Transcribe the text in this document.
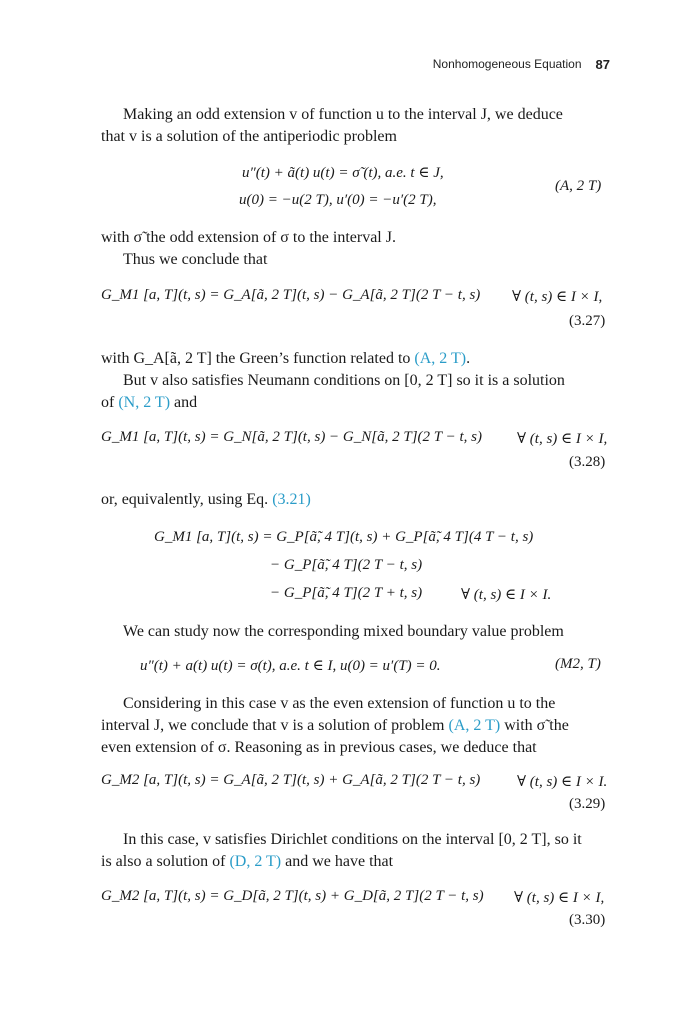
Nonhomogeneous Equation 87
Making an odd extension v of function u to the interval J, we deduce
that v is a solution of the antiperiodic problem
u″(t) + ã(t) u(t) = σ̃ (t), a.e. t ∈ J,
u(0) = −u(2 T), u′(0) = −u′(2 T),
(A, 2 T)
with σ̃ the odd extension of σ to the interval J.
Thus we conclude that
G_M1 [a, T](t, s) = G_A[ã, 2 T](t, s) − G_A[ã, 2 T](2 T − t, s) ∀ (t, s) ∈ I × I,
(3.27)
with G_A[ã, 2 T] the Green’s function related to (A, 2 T).
But v also satisfies Neumann conditions on [0, 2 T] so it is a solution
of (N, 2 T) and
G_M1 [a, T](t, s) = G_N[ã, 2 T](t, s) − G_N[ã, 2 T](2 T − t, s) ∀ (t, s) ∈ I × I,
(3.28)
or, equivalently, using Eq. (3.21)
G_M1 [a, T](t, s) = G_P[ã̃, 4 T](t, s) + G_P[ã̃, 4 T](4 T − t, s)
− G_P[ã̃, 4 T](2 T − t, s)
− G_P[ã̃, 4 T](2 T + t, s)	∀ (t, s) ∈ I × I.
We can study now the corresponding mixed boundary value problem
u″(t) + a(t) u(t) = σ(t), a.e. t ∈ I, u(0) = u′(T) = 0.	(M2, T)
Considering in this case v as the even extension of function u to the
interval J, we conclude that v is a solution of problem (A, 2 T) with σ̃ the
even extension of σ. Reasoning as in previous cases, we deduce that
G_M2 [a, T](t, s) = G_A[ã, 2 T](t, s) + G_A[ã, 2 T](2 T − t, s) ∀ (t, s) ∈ I × I.
(3.29)
In this case, v satisfies Dirichlet conditions on the interval [0, 2 T], so it
is also a solution of (D, 2 T) and we have that
G_M2 [a, T](t, s) = G_D[ã, 2 T](t, s) + G_D[ã, 2 T](2 T − t, s) ∀ (t, s) ∈ I × I,
(3.30)
